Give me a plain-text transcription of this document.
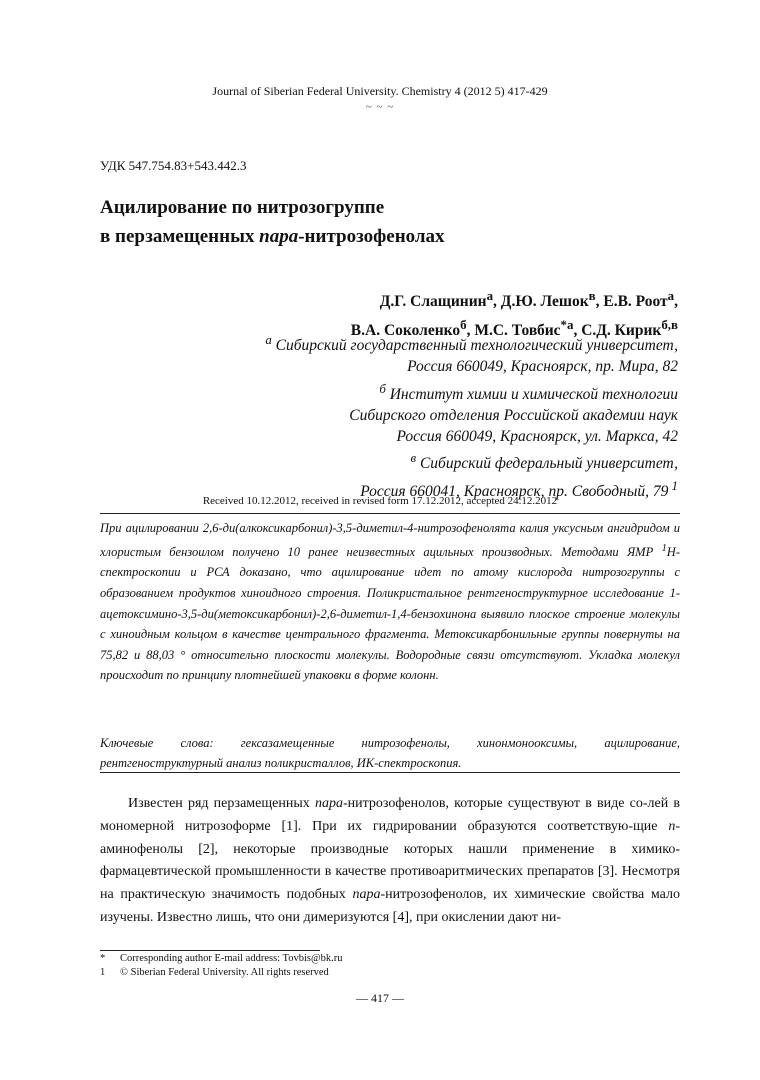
Journal of Siberian Federal University. Chemistry 4 (2012 5) 417-429
~ ~ ~
УДК 547.754.83+543.442.3
Ацилирование по нитрозогруппе
в перзамещенных пара-нитрозофенолах
Д.Г. Слащинин$^а$, Д.Ю. Лешок$^в$, Е.В. Роот$^а$,
В.А. Соколенко$^б$, М.С. Товбис$^{*а}$, С.Д. Кирик$^{б,в}$
$^а$ Сибирский государственный технологический университет,
Россия 660049, Красноярск, пр. Мира, 82
$^б$ Институт химии и химической технологии
Сибирского отделения Российской академии наук
Россия 660049, Красноярск, ул. Маркса, 42
$^в$ Сибирский федеральный университет,
Россия 660041, Красноярск, пр. Свободный, 79 $^1$
Received 10.12.2012, received in revised form 17.12.2012, accepted 24.12.2012
При ацилировании 2,6-ди(алкоксикарбонил)-3,5-диметил-4-нитрозофенолята калия уксусным ангидридом и хлористым бензоилом получено 10 ранее неизвестных ацильных производных. Методами ЯМР $^1$Н-спектроскопии и РСА доказано, что ацилирование идет по атому кислорода нитрозогруппы с образованием продуктов хиноидного строения. Поликристальное рентгеноструктурное исследование 1-ацетоксимино-3,5-ди(метоксикарбонил)-2,6-диметил-1,4-бензохинона выявило плоское строение молекулы с хиноидным кольцом в качестве центрального фрагмента. Метоксикарбонильные группы повернуты на 75,82 и 88,03 ° относительно плоскости молекулы. Водородные связи отсутствуют. Укладка молекул происходит по принципу плотнейшей упаковки в форме колонн.
Ключевые слова: гексазамещенные нитрозофенолы, хинонмонооксимы, ацилирование, рентгеноструктурный анализ поликристаллов, ИК-спектроскопия.

Известен ряд перзамещенных пара-нитрозофенолов, которые существуют в виде со-лей в мономерной нитрозоформе [1]. При их гидрировании образуются соответствую-щие п-аминофенолы [2], некоторые производные которых нашли применение в химико-фармацевтической промышленности в качестве противоаритмических препаратов [3]. Несмотря на практическую значимость подобных пара-нитрозофенолов, их химические свойства мало изучены. Известно лишь, что они димеризуются [4], при окислении дают ни-

* Corresponding author E-mail address: Tovbis@bk.ru
1 © Siberian Federal University. All rights reserved
— 417 —
